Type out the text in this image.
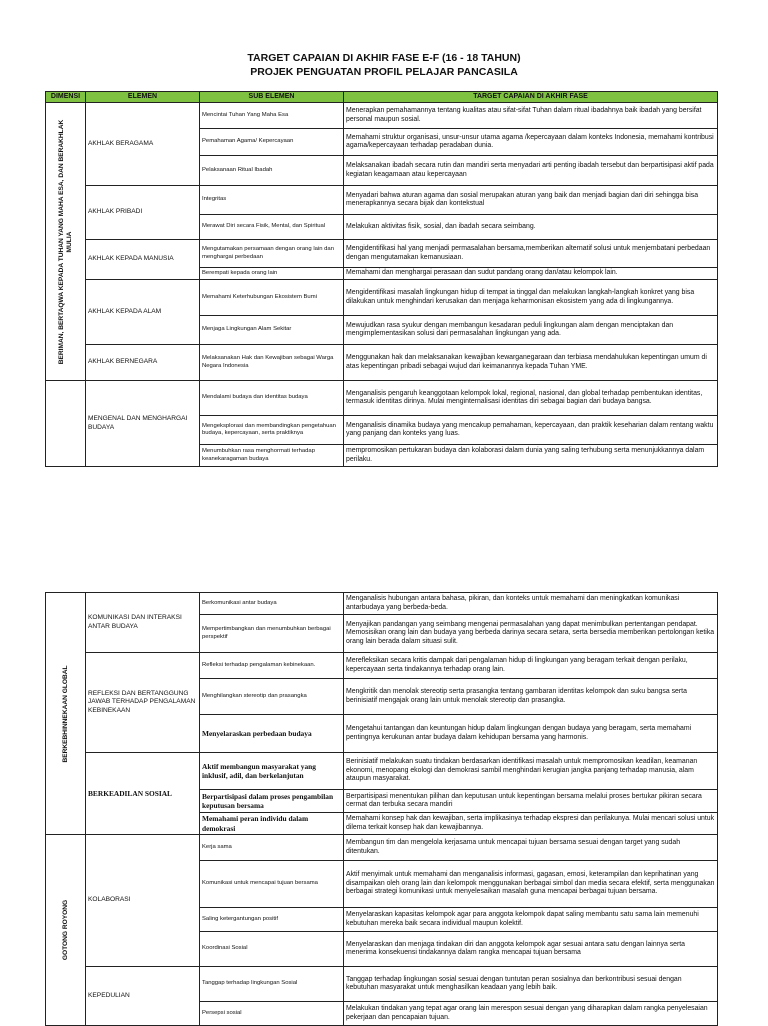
TARGET CAPAIAN DI AKHIR FASE E-F (16 - 18 TAHUN)
PROJEK PENGUATAN PROFIL PELAJAR PANCASILA
DIMENSI	ELEMEN	SUB ELEMEN	TARGET CAPAIAN DI AKHIR FASE

BERIMAN, BERTAQWA KEPADA TUHAN YANG MAHA ESA, DAN BERAKHLAK MULIA	AKHLAK BERAGAMA	Mencintai Tuhan Yang Maha Esa	Menerapkan pemahamannya tentang kualitas atau sifat-sifat Tuhan dalam ritual ibadahnya baik ibadah yang bersifat personal maupun sosial.
		Pemahaman Agama/ Kepercayaan	Memahami struktur organisasi, unsur-unsur utama agama /kepercayaan dalam konteks Indonesia, memahami kontribusi agama/kepercayaan terhadap peradaban dunia.
		Pelaksanaan Ritual Ibadah	Melaksanakan ibadah secara rutin dan mandiri serta menyadari arti penting ibadah tersebut dan berpartisipasi aktif pada kegiatan keagamaan atau kepercayaan
	AKHLAK PRIBADI	Integritas	Menyadari bahwa aturan agama dan sosial merupakan aturan yang baik dan menjadi bagian dari diri sehingga bisa menerapkannya secara bijak dan kontekstual
		Merawat Diri secara Fisik, Mental, dan Spiritual	Melakukan aktivitas fisik, sosial, dan ibadah secara seimbang.
	AKHLAK KEPADA MANUSIA	Mengutamakan persamaan dengan orang lain dan menghargai perbedaan	Mengidentifikasi hal yang menjadi permasalahan bersama,memberikan alternatif solusi untuk menjembatani perbedaan dengan mengutamakan kemanusiaan.
		Berempati kepada orang lain	Memahami dan menghargai perasaan dan sudut pandang orang dan/atau kelompok lain.
	AKHLAK KEPADA ALAM	Memahami Keterhubungan Ekosistem Bumi	Mengidentifikasi masalah lingkungan hidup di tempat ia tinggal dan melakukan langkah-langkah konkret yang bisa dilakukan untuk menghindari kerusakan dan menjaga keharmonisan ekosistem yang ada di lingkungannya.
		Menjaga Lingkungan Alam Sekitar	Mewujudkan rasa syukur dengan membangun kesadaran peduli lingkungan alam dengan menciptakan dan mengimplementasikan solusi dari permasalahan lingkungan yang ada.
	AKHLAK BERNEGARA	Melaksanakan Hak dan Kewajiban sebagai Warga Negara Indonesia	Menggunakan hak dan melaksanakan kewajiban kewarganegaraan dan terbiasa mendahulukan kepentingan umum di atas kepentingan pribadi sebagai wujud dari keimanannya kepada Tuhan YME.
	MENGENAL DAN MENGHARGAI BUDAYA	Mendalami budaya dan identitas budaya	Menganalisis pengaruh keanggotaan kelompok lokal, regional, nasional, dan global terhadap pembentukan identitas, termasuk identitas dirinya. Mulai menginternalisasi identitas diri sebagai bagian dari budaya bangsa.
		Mengeksplorasi dan membandingkan pengetahuan budaya, kepercayaan, serta praktiknya	Menganalisis dinamika budaya yang mencakup pemahaman, kepercayaan, dan praktik keseharian dalam rentang waktu yang panjang dan konteks yang luas.
		Menumbuhkan rasa menghormati terhadap keanekaragaman budaya	mempromosikan pertukaran budaya dan kolaborasi dalam dunia yang saling terhubung serta menunjukkannya dalam perilaku.
BERKEBHINNEKAAN GLOBAL	KOMUNIKASI DAN INTERAKSI ANTAR BUDAYA	Berkomunikasi antar budaya	Menganalisis hubungan antara bahasa, pikiran, dan konteks untuk memahami dan meningkatkan komunikasi antarbudaya yang berbeda-beda.
		Mempertimbangkan dan menumbuhkan berbagai perspektif	Menyajikan pandangan yang seimbang mengenai permasalahan yang dapat menimbulkan pertentangan pendapat. Memosisikan orang lain dan budaya yang berbeda darinya secara setara, serta bersedia memberikan pertolongan ketika orang lain berada dalam situasi sulit.
	REFLEKSI DAN BERTANGGUNG JAWAB TERHADAP PENGALAMAN KEBINEKAAN	Refleksi terhadap pengalaman kebinekaan.	Merefleksikan secara kritis dampak dari pengalaman hidup di lingkungan yang beragam terkait dengan perilaku, kepercayaan serta tindakannya terhadap orang lain.
		Menghilangkan stereotip dan prasangka	Mengkritik dan menolak stereotip serta prasangka tentang gambaran identitas kelompok dan suku bangsa serta berinisiatif mengajak orang lain untuk menolak stereotip dan prasangka.
		Menyelaraskan perbedaan budaya	Mengetahui tantangan dan keuntungan hidup dalam lingkungan dengan budaya yang beragam, serta memahami pentingnya kerukunan antar budaya dalam kehidupan bersama yang harmonis.
	BERKEADILAN SOSIAL	Aktif membangun masyarakat yang inklusif, adil, dan berkelanjutan	Berinisiatif melakukan suatu tindakan berdasarkan identifikasi masalah untuk mempromosikan keadilan, keamanan ekonomi, menopang ekologi dan demokrasi sambil menghindari kerugian jangka panjang terhadap manusia, alam ataupun masyarakat.
		Berpartisipasi dalam proses pengambilan keputusan bersama	Berpartisipasi menentukan pilihan dan keputusan untuk kepentingan bersama melalui proses bertukar pikiran secara cermat dan terbuka secara mandiri
		Memahami peran individu dalam demokrasi	Memahami konsep hak dan kewajiban, serta implikasinya terhadap ekspresi dan perilakunya. Mulai mencari solusi untuk dilema terkait konsep hak dan kewajibannya.

GOTONG ROYONG	KOLABORASI	Kerja sama	Membangun tim dan mengelola kerjasama untuk mencapai tujuan bersama sesuai dengan target yang sudah ditentukan.
		Komunikasi untuk mencapai tujuan bersama	Aktif menyimak untuk memahami dan menganalisis informasi, gagasan, emosi, keterampilan dan keprihatinan yang disampaikan oleh orang lain dan kelompok menggunakan berbagai simbol dan media secara efektif, serta menggunakan berbagai strategi komunikasi untuk menyelesaikan masalah guna mencapai berbagai tujuan bersama.
		Saling ketergantungan positif	Menyelaraskan kapasitas kelompok agar para anggota kelompok dapat saling membantu satu sama lain memenuhi kebutuhan mereka baik secara individual maupun kolektif.
		Koordinasi Sosial	Menyelaraskan dan menjaga tindakan diri dan anggota kelompok agar sesuai antara satu dengan lainnya serta menerima konsekuensi tindakannya dalam rangka mencapai tujuan bersama
	KEPEDULIAN	Tanggap terhadap lingkungan Sosial	Tanggap terhadap lingkungan sosial sesuai dengan tuntutan peran sosialnya dan berkontribusi sesuai dengan kebutuhan masyarakat untuk menghasilkan keadaan yang lebih baik.
		Persepsi sosial	Melakukan tindakan yang tepat agar orang lain merespon sesuai dengan yang diharapkan dalam rangka penyelesaian pekerjaan dan pencapaian tujuan.
